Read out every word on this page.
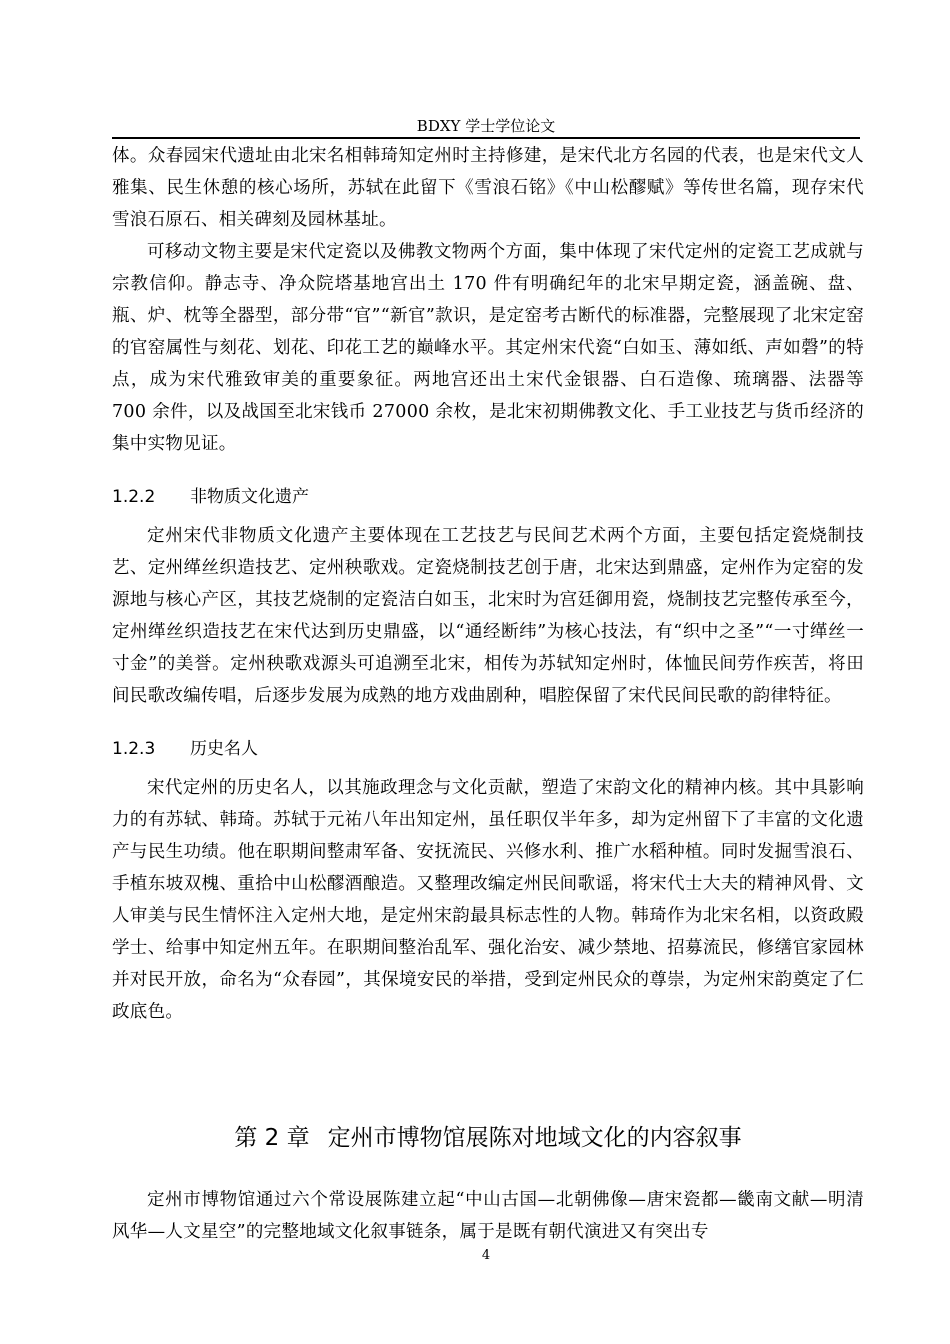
BDXY 学士学位论文

体。众春园宋代遗址由北宋名相韩琦知定州时主持修建，是宋代北方名园的代表，也是宋代文人雅集、民生休憩的核心场所，苏轼在此留下《雪浪石铭》《中山松醪赋》等传世名篇，现存宋代雪浪石原石、相关碑刻及园林基址。

可移动文物主要是宋代定瓷以及佛教文物两个方面，集中体现了宋代定州的定瓷工艺成就与宗教信仰。静志寺、净众院塔基地宫出土 170 件有明确纪年的北宋早期定瓷，涵盖碗、盘、瓶、炉、枕等全器型，部分带“官”“新官”款识，是定窑考古断代的标准器，完整展现了北宋定窑的官窑属性与刻花、划花、印花工艺的巅峰水平。其定州宋代瓷“白如玉、薄如纸、声如磬”的特点，成为宋代雅致审美的重要象征。两地宫还出土宋代金银器、白石造像、琉璃器、法器等 700 余件，以及战国至北宋钱币 27000 余枚，是北宋初期佛教文化、手工业技艺与货币经济的集中实物见证。

1.2.2 非物质文化遗产

定州宋代非物质文化遗产主要体现在工艺技艺与民间艺术两个方面，主要包括定瓷烧制技艺、定州缂丝织造技艺、定州秧歌戏。定瓷烧制技艺创于唐，北宋达到鼎盛，定州作为定窑的发源地与核心产区，其技艺烧制的定瓷洁白如玉，北宋时为宫廷御用瓷，烧制技艺完整传承至今，定州缂丝织造技艺在宋代达到历史鼎盛，以“通经断纬”为核心技法，有“织中之圣”“一寸缂丝一寸金”的美誉。定州秧歌戏源头可追溯至北宋，相传为苏轼知定州时，体恤民间劳作疾苦，将田间民歌改编传唱，后逐步发展为成熟的地方戏曲剧种，唱腔保留了宋代民间民歌的韵律特征。

1.2.3 历史名人

宋代定州的历史名人，以其施政理念与文化贡献，塑造了宋韵文化的精神内核。其中具影响力的有苏轼、韩琦。苏轼于元祐八年出知定州，虽任职仅半年多，却为定州留下了丰富的文化遗产与民生功绩。他在职期间整肃军备、安抚流民、兴修水利、推广水稻种植。同时发掘雪浪石、手植东坡双槐、重拾中山松醪酒酿造。又整理改编定州民间歌谣，将宋代士大夫的精神风骨、文人审美与民生情怀注入定州大地，是定州宋韵最具标志性的人物。韩琦作为北宋名相，以资政殿学士、给事中知定州五年。在职期间整治乱军、强化治安、减少禁地、招募流民，修缮官家园林并对民开放，命名为“众春园”，其保境安民的举措，受到定州民众的尊崇，为定州宋韵奠定了仁政底色。

第 2 章 定州市博物馆展陈对地域文化的内容叙事

定州市博物馆通过六个常设展陈建立起“中山古国—北朝佛像—唐宋瓷都—畿南文献—明清风华—人文星空”的完整地域文化叙事链条，属于是既有朝代演进又有突出专

4
